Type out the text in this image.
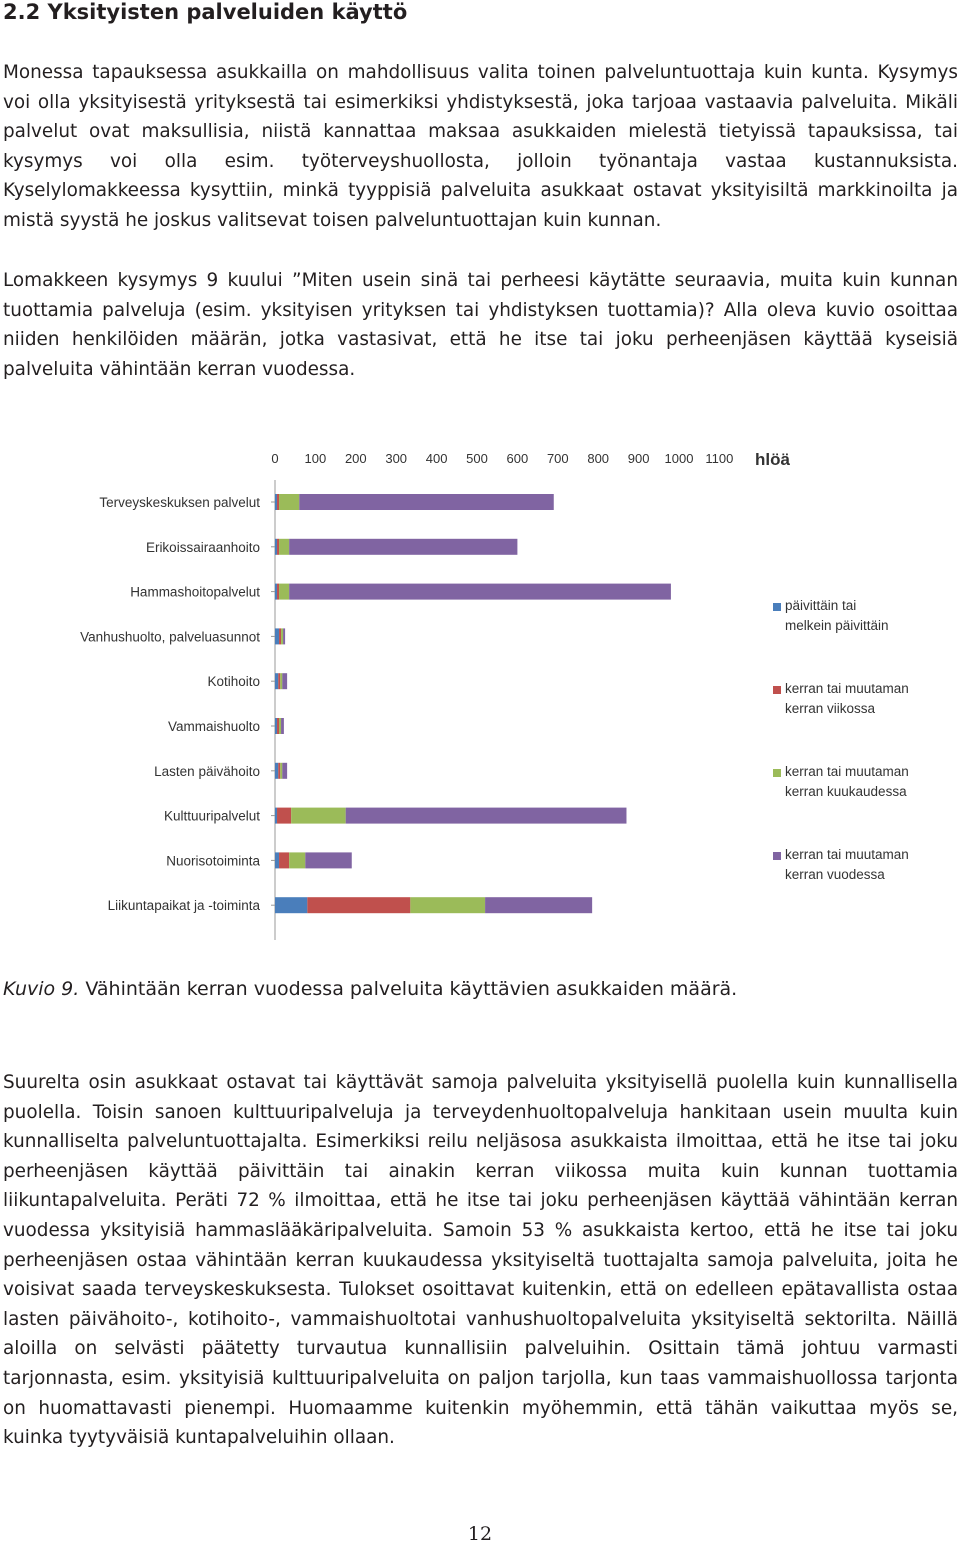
2.2 Yksityisten palveluiden käyttö

Monessa tapauksessa asukkailla on mahdollisuus valita toinen palveluntuottaja kuin kunta. Kysymys voi olla yksityisestä yrityksestä tai esimerkiksi yhdistyksestä, joka tarjoaa vastaavia palveluita. Mikäli palvelut ovat maksullisia, niistä kannattaa maksaa asukkaiden mielestä tietyissä tapauksissa, tai kysymys voi olla esim. työterveyshuollosta, jolloin työnantaja vastaa kustannuksista. Kyselylomakkeessa kysyttiin, minkä tyyppisiä palveluita asukkaat ostavat yksityisiltä markkinoilta ja mistä syystä he joskus valitsevat toisen palveluntuottajan kuin kunnan.

Lomakkeen kysymys 9 kuului ”Miten usein sinä tai perheesi käytätte seuraavia, muita kuin kunnan tuottamia palveluja (esim. yksityisen yrityksen tai yhdistyksen tuottamia)? Alla oleva kuvio osoittaa niiden henkilöiden määrän, jotka vastasivat, että he itse tai joku perheenjäsen käyttää kyseisiä palveluita vähintään kerran vuodessa.

0 100 200 300 400 500 600 700 800 900 1000 1100 hlöä
Terveyskeskuksen palvelut
Erikoissairaanhoito
Hammashoitopalvelut
Vanhushuolto, palveluasunnot
Kotihoito
Vammaishuolto
Lasten päivähoito
Kulttuuripalvelut
Nuorisotoiminta
Liikuntapaikat ja -toiminta
päivittäin tai melkein päivittäin
kerran tai muutaman kerran viikossa
kerran tai muutaman kerran kuukaudessa
kerran tai muutaman kerran vuodessa

Kuvio 9. Vähintään kerran vuodessa palveluita käyttävien asukkaiden määrä.

Suurelta osin asukkaat ostavat tai käyttävät samoja palveluita yksityisellä puolella kuin kunnallisella puolella. Toisin sanoen kulttuuripalveluja ja terveydenhuoltopalveluja hankitaan usein muulta kuin kunnalliselta palveluntuottajalta. Esimerkiksi reilu neljäsosa asukkaista ilmoittaa, että he itse tai joku perheenjäsen käyttää päivittäin tai ainakin kerran viikossa muita kuin kunnan tuottamia liikuntapalveluita. Peräti 72 % ilmoittaa, että he itse tai joku perheenjäsen käyttää vähintään kerran vuodessa yksityisiä hammaslääkäripalveluita. Samoin 53 % asukkaista kertoo, että he itse tai joku perheenjäsen ostaa vähintään kerran kuukaudessa yksityiseltä tuottajalta samoja palveluita, joita he voisivat saada terveyskeskuksesta. Tulokset osoittavat kuitenkin, että on edelleen epätavallista ostaa lasten päivähoito-, kotihoito-, vammaishuoltotai vanhushuoltopalveluita yksityiseltä sektorilta. Näillä aloilla on selvästi päätetty turvautua kunnallisiin palveluihin. Osittain tämä johtuu varmasti tarjonnasta, esim. yksityisiä kulttuuripalveluita on paljon tarjolla, kun taas vammaishuollossa tarjonta on huomattavasti pienempi. Huomaamme kuitenkin myöhemmin, että tähän vaikuttaa myös se, kuinka tyytyväisiä kuntapalveluihin ollaan.

12
